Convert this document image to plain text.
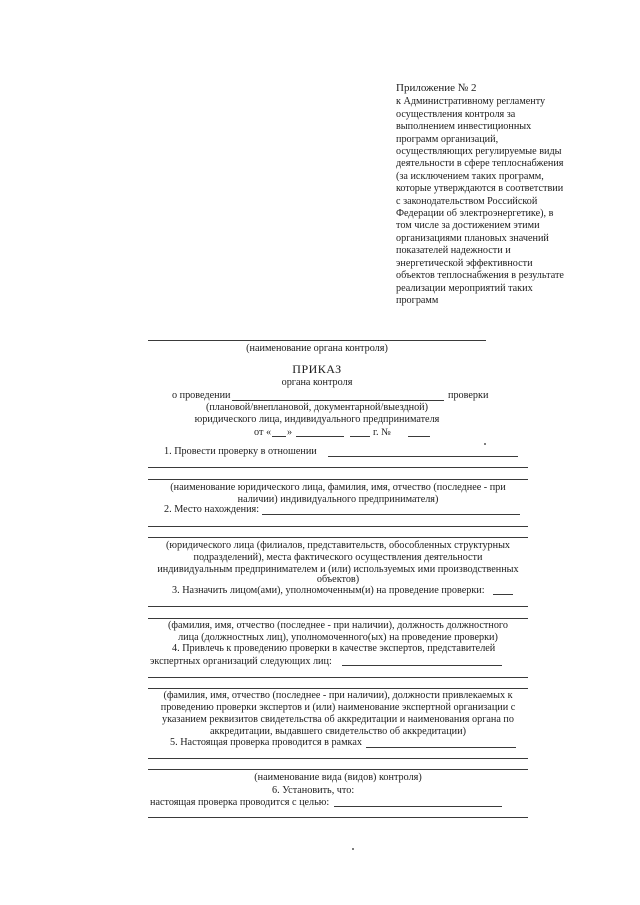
Приложение № 2

к Административному регламенту

осуществления контроля за

выполнением инвестиционных

программ организаций,

осуществляющих регулируемые виды

деятельности в сфере теплоснабжения

(за исключением таких программ,

которые утверждаются в соответствии

с законодательством Российской

Федерации об электроэнергетике), в

том числе за достижением этими

организациями плановых значений

показателей надежности и

энергетической эффективности

объектов теплоснабжения в результате

реализации мероприятий таких

программ

(наименование органа контроля)
ПРИКАЗ
органа контроля
о проведении	проверки
(плановой/внеплановой, документарной/выездной)
юридического лица, индивидуального предпринимателя
от « »	г. №
1. Провести проверку в отношении
(наименование юридического лица, фамилия, имя, отчество (последнее - при
наличии) индивидуального предпринимателя)
2. Место нахождения:
(юридического лица (филиалов, представительств, обособленных структурных
подразделений), места фактического осуществления деятельности
индивидуальным предпринимателем и (или) используемых ими производственных
объектов)
3. Назначить лицом(ами), уполномоченным(и) на проведение проверки:
(фамилия, имя, отчество (последнее - при наличии), должность должностного
лица (должностных лиц), уполномоченного(ых) на проведение проверки)
4. Привлечь к проведению проверки в качестве экспертов, представителей
экспертных организаций следующих лиц:
(фамилия, имя, отчество (последнее - при наличии), должности привлекаемых к
проведению проверки экспертов и (или) наименование экспертной организации с
указанием реквизитов свидетельства об аккредитации и наименования органа по
аккредитации, выдавшего свидетельство об аккредитации)
5. Настоящая проверка проводится в рамках
(наименование вида (видов) контроля)
6. Установить, что:
настоящая проверка проводится с целью:
